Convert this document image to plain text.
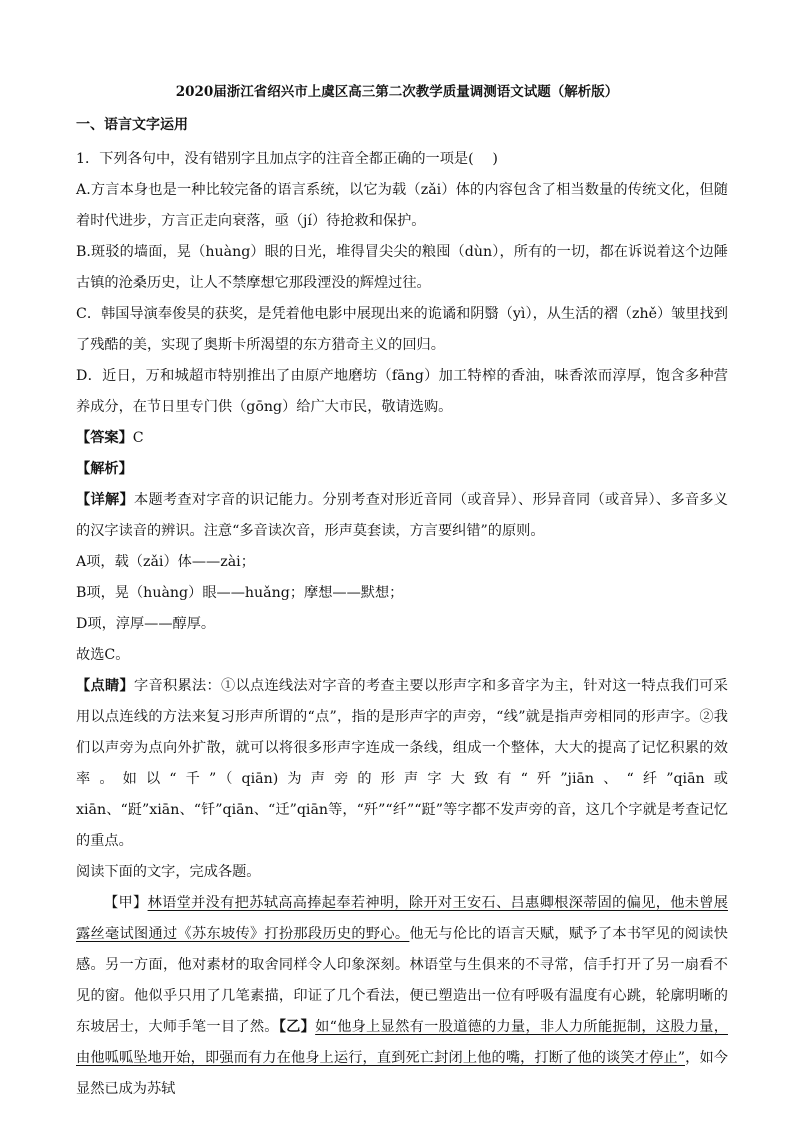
2020届浙江省绍兴市上虞区高三第二次教学质量调测语文试题（解析版）
一、语言文字运用

1．下列各句中，没有错别字且加点字的注音全都正确的一项是(　 )

A.方言本身也是一种比较完备的语言系统，以它为载（zǎi）体的内容包含了相当数量的传统文化，但随着时代进步，方言正走向衰落，亟（jí）待抢救和保护。

B.斑驳的墙面，晃（huàng）眼的日光，堆得冒尖尖的粮囤（dùn），所有的一切，都在诉说着这个边陲古镇的沧桑历史，让人不禁摩想它那段湮没的辉煌过往。

C．韩国导演奉俊昊的获奖，是凭着他电影中展现出来的诡谲和阴翳（yì），从生活的褶（zhě）皱里找到了残酷的美，实现了奥斯卡所渴望的东方猎奇主义的回归。

D．近日，万和城超市特别推出了由原产地磨坊（fāng）加工特榨的香油，味香浓而淳厚，饱含多种营养成分，在节日里专门供（gōng）给广大市民，敬请选购。

【答案】C

【解析】

【详解】本题考查对字音的识记能力。分别考查对形近音同（或音异）、形异音同（或音异）、多音多义的汉字读音的辨识。注意“多音读次音，形声莫套读，方言要纠错”的原则。

A项，载（zǎi）体——zài；

B项，晃（huàng）眼——huǎng；摩想——默想；

D项，淳厚——醇厚。

故选C。

【点睛】字音积累法：①以点连线法对字音的考查主要以形声字和多音字为主，针对这一特点我们可采用以点连线的方法来复习形声所谓的“点”，指的是形声字的声旁，“线”就是指声旁相同的形声字。②我们以声旁为点向外扩散，就可以将很多形声字连成一条线，组成一个整体，大大的提高了记忆积累的效率。如以“千”（qiān)为声旁的形声字大致有“歼”jiān、“纤”qiān或 xiān、“跹”xiān、“钎”qiān、“迁”qiān等，“歼”“纤”“跹”等字都不发声旁的音，这几个字就是考查记忆的重点。

阅读下面的文字，完成各题。

【甲】林语堂并没有把苏轼高高捧起奉若神明，除开对王安石、吕惠卿根深蒂固的偏见，他未曾展露丝毫试图通过《苏东坡传》打扮那段历史的野心。他无与伦比的语言天赋，赋予了本书罕见的阅读快感。另一方面，他对素材的取舍同样令人印象深刻。林语堂与生俱来的不寻常，信手打开了另一扇看不见的窗。他似乎只用了几笔素描，印证了几个看法，便已塑造出一位有呼吸有温度有心跳，轮廓明晰的东坡居士，大师手笔一目了然。【乙】如“他身上显然有一股道德的力量，非人力所能扼制，这股力量，由他呱呱坠地开始，即强而有力在他身上运行，直到死亡封闭上他的嘴，打断了他的谈笑才停止”，如今显然已成为苏轼
